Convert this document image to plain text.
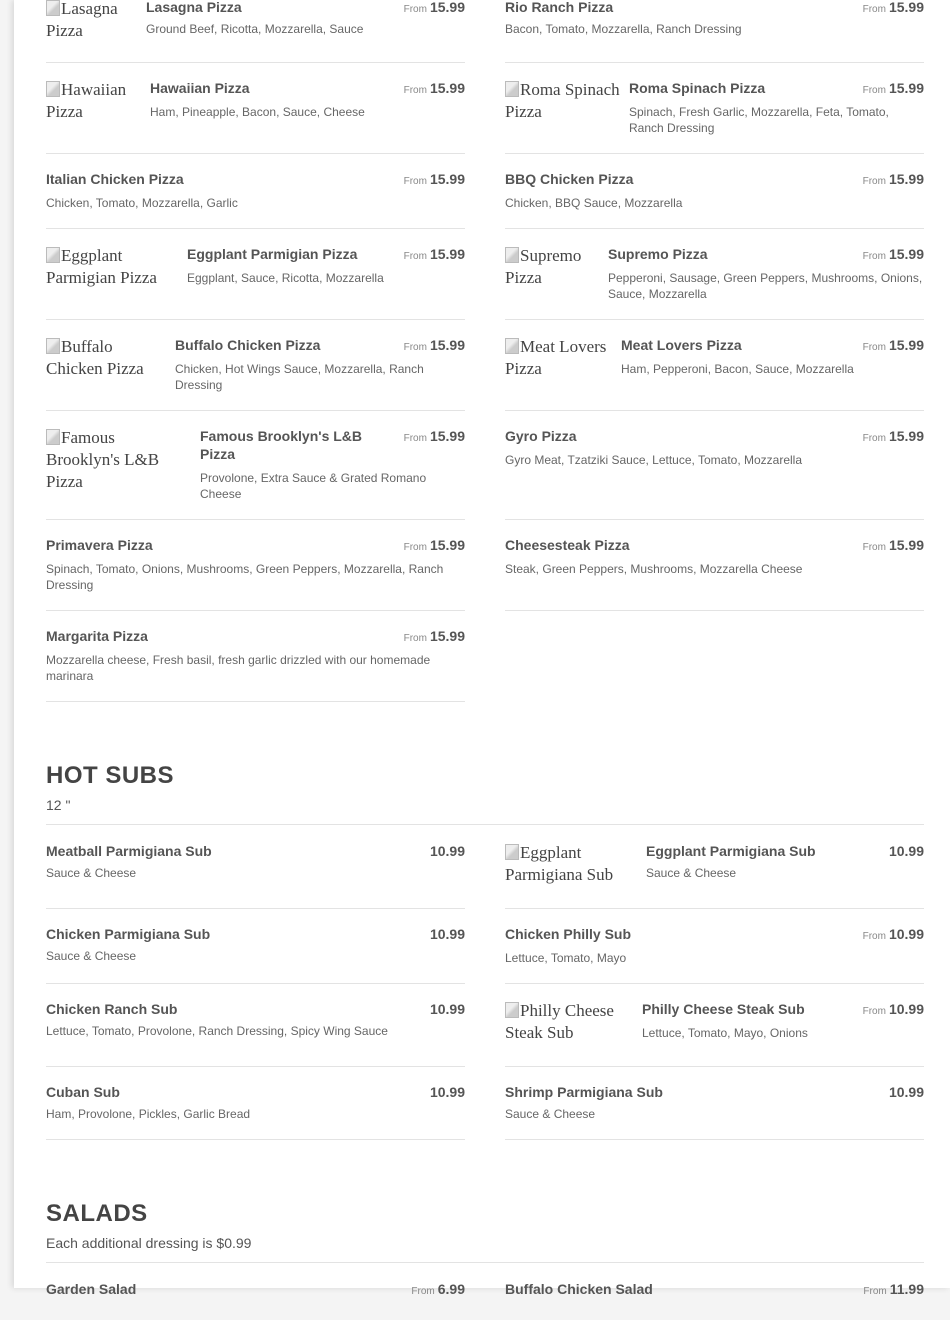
Lasagna Pizza
Lasagna Pizza
Ground Beef, Ricotta, Mozzarella, Sauce
From 15.99	Rio Ranch Pizza
Bacon, Tomato, Mozzarella, Ranch Dressing
From 15.99
Hawaiian Pizza
Hawaiian Pizza
Ham, Pineapple, Bacon, Sauce, Cheese
From 15.99	Roma Spinach Pizza
Roma Spinach Pizza
Spinach, Fresh Garlic, Mozzarella, Feta, Tomato, Ranch Dressing
From 15.99
Italian Chicken Pizza
Chicken, Tomato, Mozzarella, Garlic
From 15.99	BBQ Chicken Pizza
Chicken, BBQ Sauce, Mozzarella
From 15.99
Eggplant Parmigian Pizza
Eggplant Parmigian Pizza
Eggplant, Sauce, Ricotta, Mozzarella
From 15.99	Supremo Pizza
Supremo Pizza
Pepperoni, Sausage, Green Peppers, Mushrooms, Onions, Sauce, Mozzarella
From 15.99
Buffalo Chicken Pizza
Buffalo Chicken Pizza
Chicken, Hot Wings Sauce, Mozzarella, Ranch Dressing
From 15.99	Meat Lovers Pizza
Meat Lovers Pizza
Ham, Pepperoni, Bacon, Sauce, Mozzarella
From 15.99
Famous Brooklyn's L&B Pizza
Famous Brooklyn's L&B Pizza
Provolone, Extra Sauce & Grated Romano Cheese
From 15.99	Gyro Pizza
Gyro Meat, Tzatziki Sauce, Lettuce, Tomato, Mozzarella
From 15.99
Primavera Pizza
Spinach, Tomato, Onions, Mushrooms, Green Peppers, Mozzarella, Ranch Dressing
From 15.99	Cheesesteak Pizza
Steak, Green Peppers, Mushrooms, Mozzarella Cheese
From 15.99
Margarita Pizza
Mozzarella cheese, Fresh basil, fresh garlic drizzled with our homemade marinara
From 15.99
HOT SUBS
12 "
Meatball Parmigiana Sub
Sauce & Cheese
10.99	Eggplant Parmigiana Sub
Eggplant Parmigiana Sub
Sauce & Cheese
10.99
Chicken Parmigiana Sub
Sauce & Cheese
10.99	Chicken Philly Sub
Lettuce, Tomato, Mayo
From 10.99
Chicken Ranch Sub
Lettuce, Tomato, Provolone, Ranch Dressing, Spicy Wing Sauce
10.99	Philly Cheese Steak Sub
Philly Cheese Steak Sub
Lettuce, Tomato, Mayo, Onions
From 10.99
Cuban Sub
Ham, Provolone, Pickles, Garlic Bread
10.99	Shrimp Parmigiana Sub
Sauce & Cheese
10.99
SALADS
Each additional dressing is $0.99
Garden Salad	From 6.99	Buffalo Chicken Salad	From 11.99
